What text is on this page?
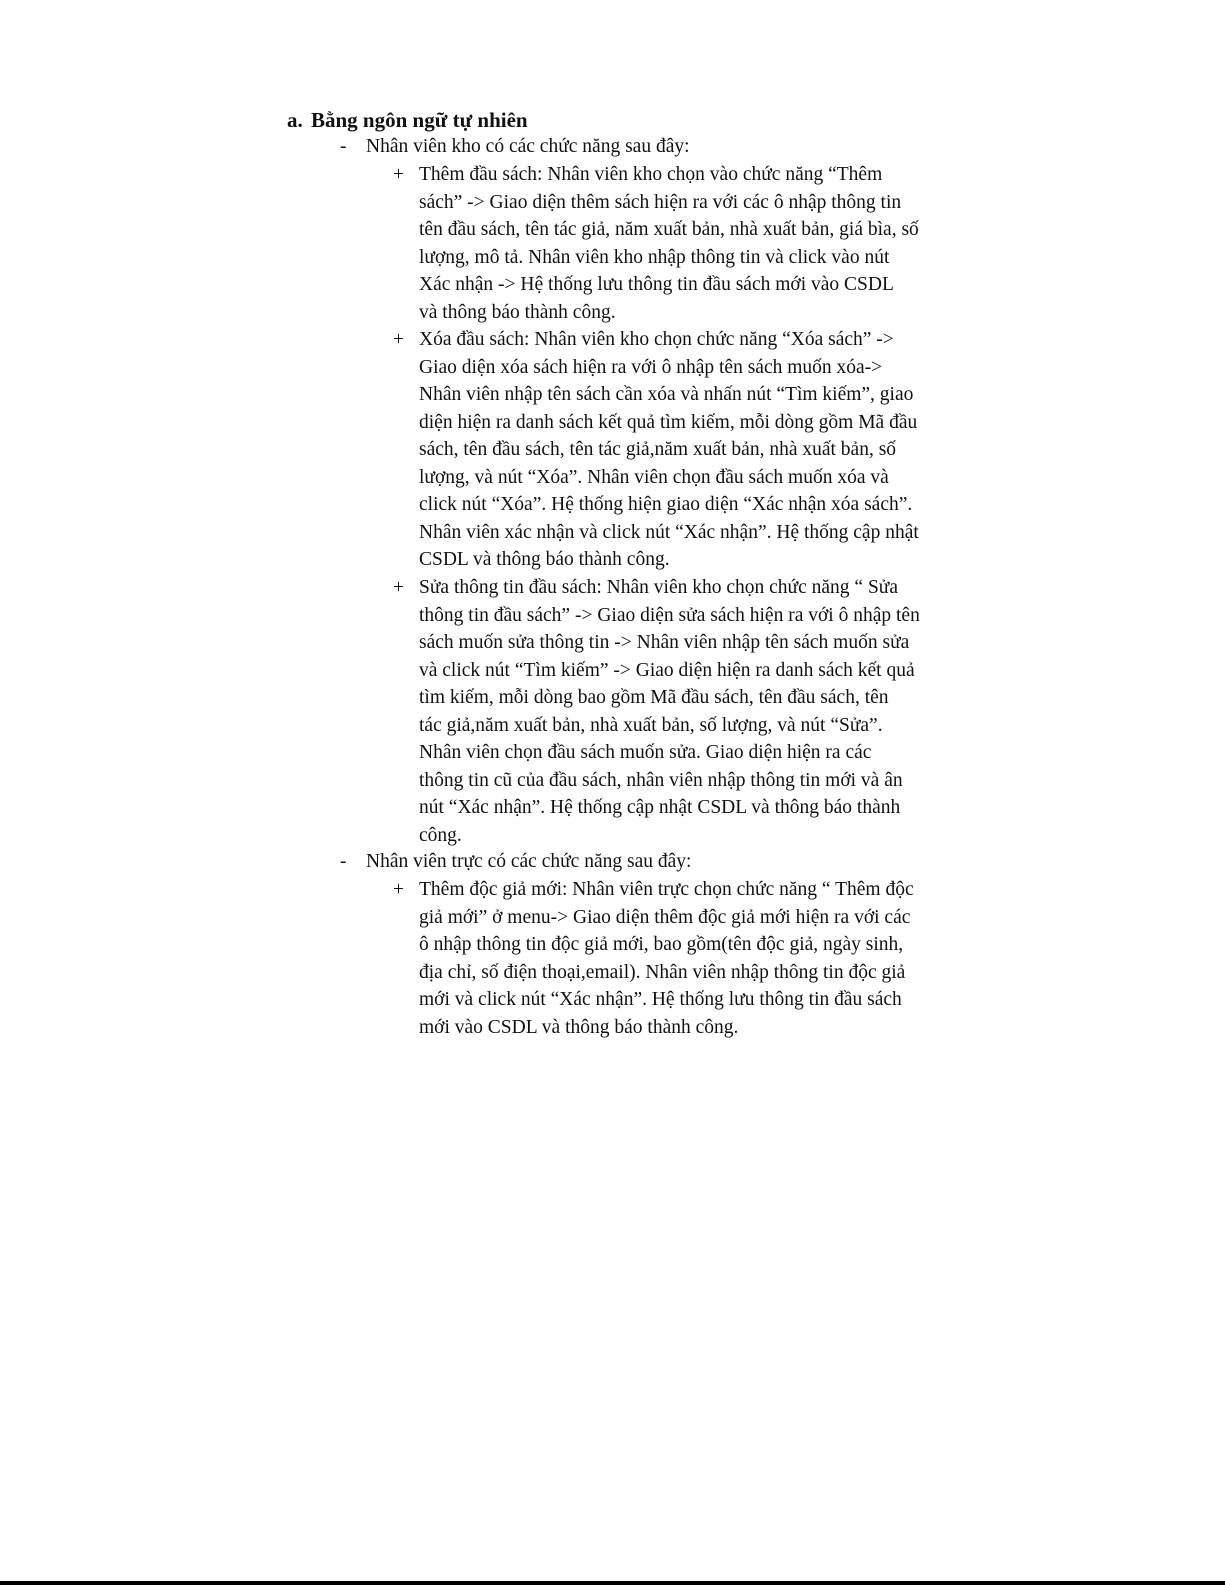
a. Bằng ngôn ngữ tự nhiên
- Nhân viên kho có các chức năng sau đây:
+ Thêm đầu sách: Nhân viên kho chọn vào chức năng “Thêm
sách” -> Giao diện thêm sách hiện ra với các ô nhập thông tin
tên đầu sách, tên tác giả, năm xuất bản, nhà xuất bản, giá bìa, số
lượng, mô tả. Nhân viên kho nhập thông tin và click vào nút
Xác nhận -> Hệ thống lưu thông tin đầu sách mới vào CSDL
và thông báo thành công.
+ Xóa đầu sách: Nhân viên kho chọn chức năng “Xóa sách” ->
Giao diện xóa sách hiện ra với ô nhập tên sách muốn xóa->
Nhân viên nhập tên sách cần xóa và nhấn nút “Tìm kiếm”, giao
diện hiện ra danh sách kết quả tìm kiếm, mỗi dòng gồm Mã đầu
sách, tên đầu sách, tên tác giả,năm xuất bản, nhà xuất bản, số
lượng, và nút “Xóa”. Nhân viên chọn đầu sách muốn xóa và
click nút “Xóa”. Hệ thống hiện giao diện “Xác nhận xóa sách”.
Nhân viên xác nhận và click nút “Xác nhận”. Hệ thống cập nhật
CSDL và thông báo thành công.
+ Sửa thông tin đầu sách: Nhân viên kho chọn chức năng “ Sửa
thông tin đầu sách” -> Giao diện sửa sách hiện ra với ô nhập tên
sách muốn sửa thông tin -> Nhân viên nhập tên sách muốn sửa
và click nút “Tìm kiếm” -> Giao diện hiện ra danh sách kết quả
tìm kiếm, mỗi dòng bao gồm Mã đầu sách, tên đầu sách, tên
tác giả,năm xuất bản, nhà xuất bản, số lượng, và nút “Sửa”.
Nhân viên chọn đầu sách muốn sửa. Giao diện hiện ra các
thông tin cũ của đầu sách, nhân viên nhập thông tin mới và ân
nút “Xác nhận”. Hệ thống cập nhật CSDL và thông báo thành
công.
- Nhân viên trực có các chức năng sau đây:
+ Thêm độc giả mới: Nhân viên trực chọn chức năng “ Thêm độc
giả mới” ở menu-> Giao diện thêm độc giả mới hiện ra với các
ô nhập thông tin độc giả mới, bao gồm(tên độc giả, ngày sinh,
địa chỉ, số điện thoại,email). Nhân viên nhập thông tin độc giả
mới và click nút “Xác nhận”. Hệ thống lưu thông tin đầu sách
mới vào CSDL và thông báo thành công.
